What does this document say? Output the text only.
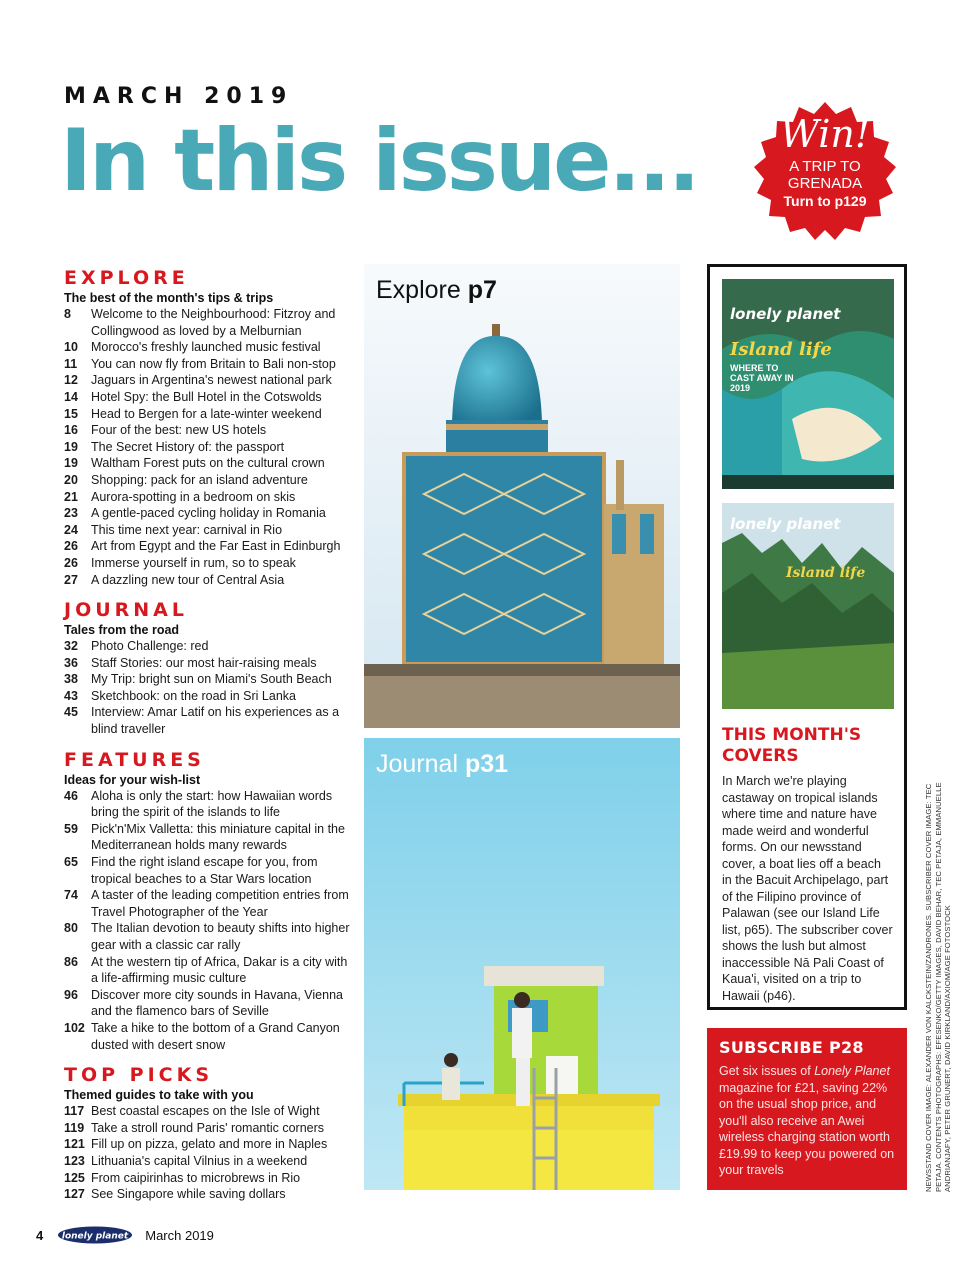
MARCH 2019
In this issue...	Win!
A TRIP TO
GRENADA
Turn to p129
EXPLORE
The best of the month's tips & trips
8	Welcome to the Neighbourhood: Fitzroy and Collingwood as loved by a Melburnian
10	Morocco's freshly launched music festival
11	You can now fly from Britain to Bali non-stop
12	Jaguars in Argentina's newest national park
14	Hotel Spy: the Bull Hotel in the Cotswolds
15	Head to Bergen for a late-winter weekend
16	Four of the best: new US hotels
19	The Secret History of: the passport
19	Waltham Forest puts on the cultural crown
20	Shopping: pack for an island adventure
21	Aurora-spotting in a bedroom on skis
23	A gentle-paced cycling holiday in Romania
24	This time next year: carnival in Rio
26	Art from Egypt and the Far East in Edinburgh
26	Immerse yourself in rum, so to speak
27	A dazzling new tour of Central Asia
JOURNAL
Tales from the road
32	Photo Challenge: red
36	Staff Stories: our most hair-raising meals
38	My Trip: bright sun on Miami's South Beach
43	Sketchbook: on the road in Sri Lanka
45	Interview: Amar Latif on his experiences as a blind traveller
FEATURES
Ideas for your wish-list
46	Aloha is only the start: how Hawaiian words bring the spirit of the islands to life
59	Pick'n'Mix Valletta: this miniature capital in the Mediterranean holds many rewards
65	Find the right island escape for you, from tropical beaches to a Star Wars location
74	A taster of the leading competition entries from Travel Photographer of the Year
80	The Italian devotion to beauty shifts into higher gear with a classic car rally
86	At the western tip of Africa, Dakar is a city with a life-affirming music culture
96	Discover more city sounds in Havana, Vienna and the flamenco bars of Seville
102 Take a hike to the bottom of a Grand Canyon dusted with desert snow
TOP PICKS
Themed guides to take with you
117 Best coastal escapes on the Isle of Wight
119 Take a stroll round Paris' romantic corners
121 Fill up on pizza, gelato and more in Naples
123 Lithuania's capital Vilnius in a weekend
125 From caipirinhas to microbrews in Rio
127 See Singapore while saving dollars
Explore p7
Journal p31
lonely planet
Island life
WHERE TO CAST AWAY IN 2019
lonely planet
Island life
THIS MONTH'S COVERS
In March we're playing castaway on tropical islands where time and nature have made weird and wonderful forms. On our newsstand cover, a boat lies off a beach in the Bacuit Archipelago, part of the Filipino province of Palawan (see our Island Life list, p65). The subscriber cover shows the lush but almost inaccessible Nā Pali Coast of Kaua'i, visited on a trip to Hawaii (p46).
SUBSCRIBE P28
Get six issues of Lonely Planet magazine for £21, saving 22% on the usual shop price, and you'll also receive an Awei wireless charging station worth £19.99 to keep you powered on your travels	NEWSSTAND COVER IMAGE: ALEXANDER VON KALCKSTEIN/ZANDRONES. SUBSCRIBER COVER IMAGE: TEC PETAJA. CONTENTS PHOTOGRAPHS: EFESENKO/GETTY IMAGES, DAVID BEHAR, TEC PETAJA, EMMANUELLE ANDRIANJAFY, PETER GRUNERT, DAVID KIRKLAND/AXIOM/AGE FOTOSTOCK
4 lonely planet March 2019
